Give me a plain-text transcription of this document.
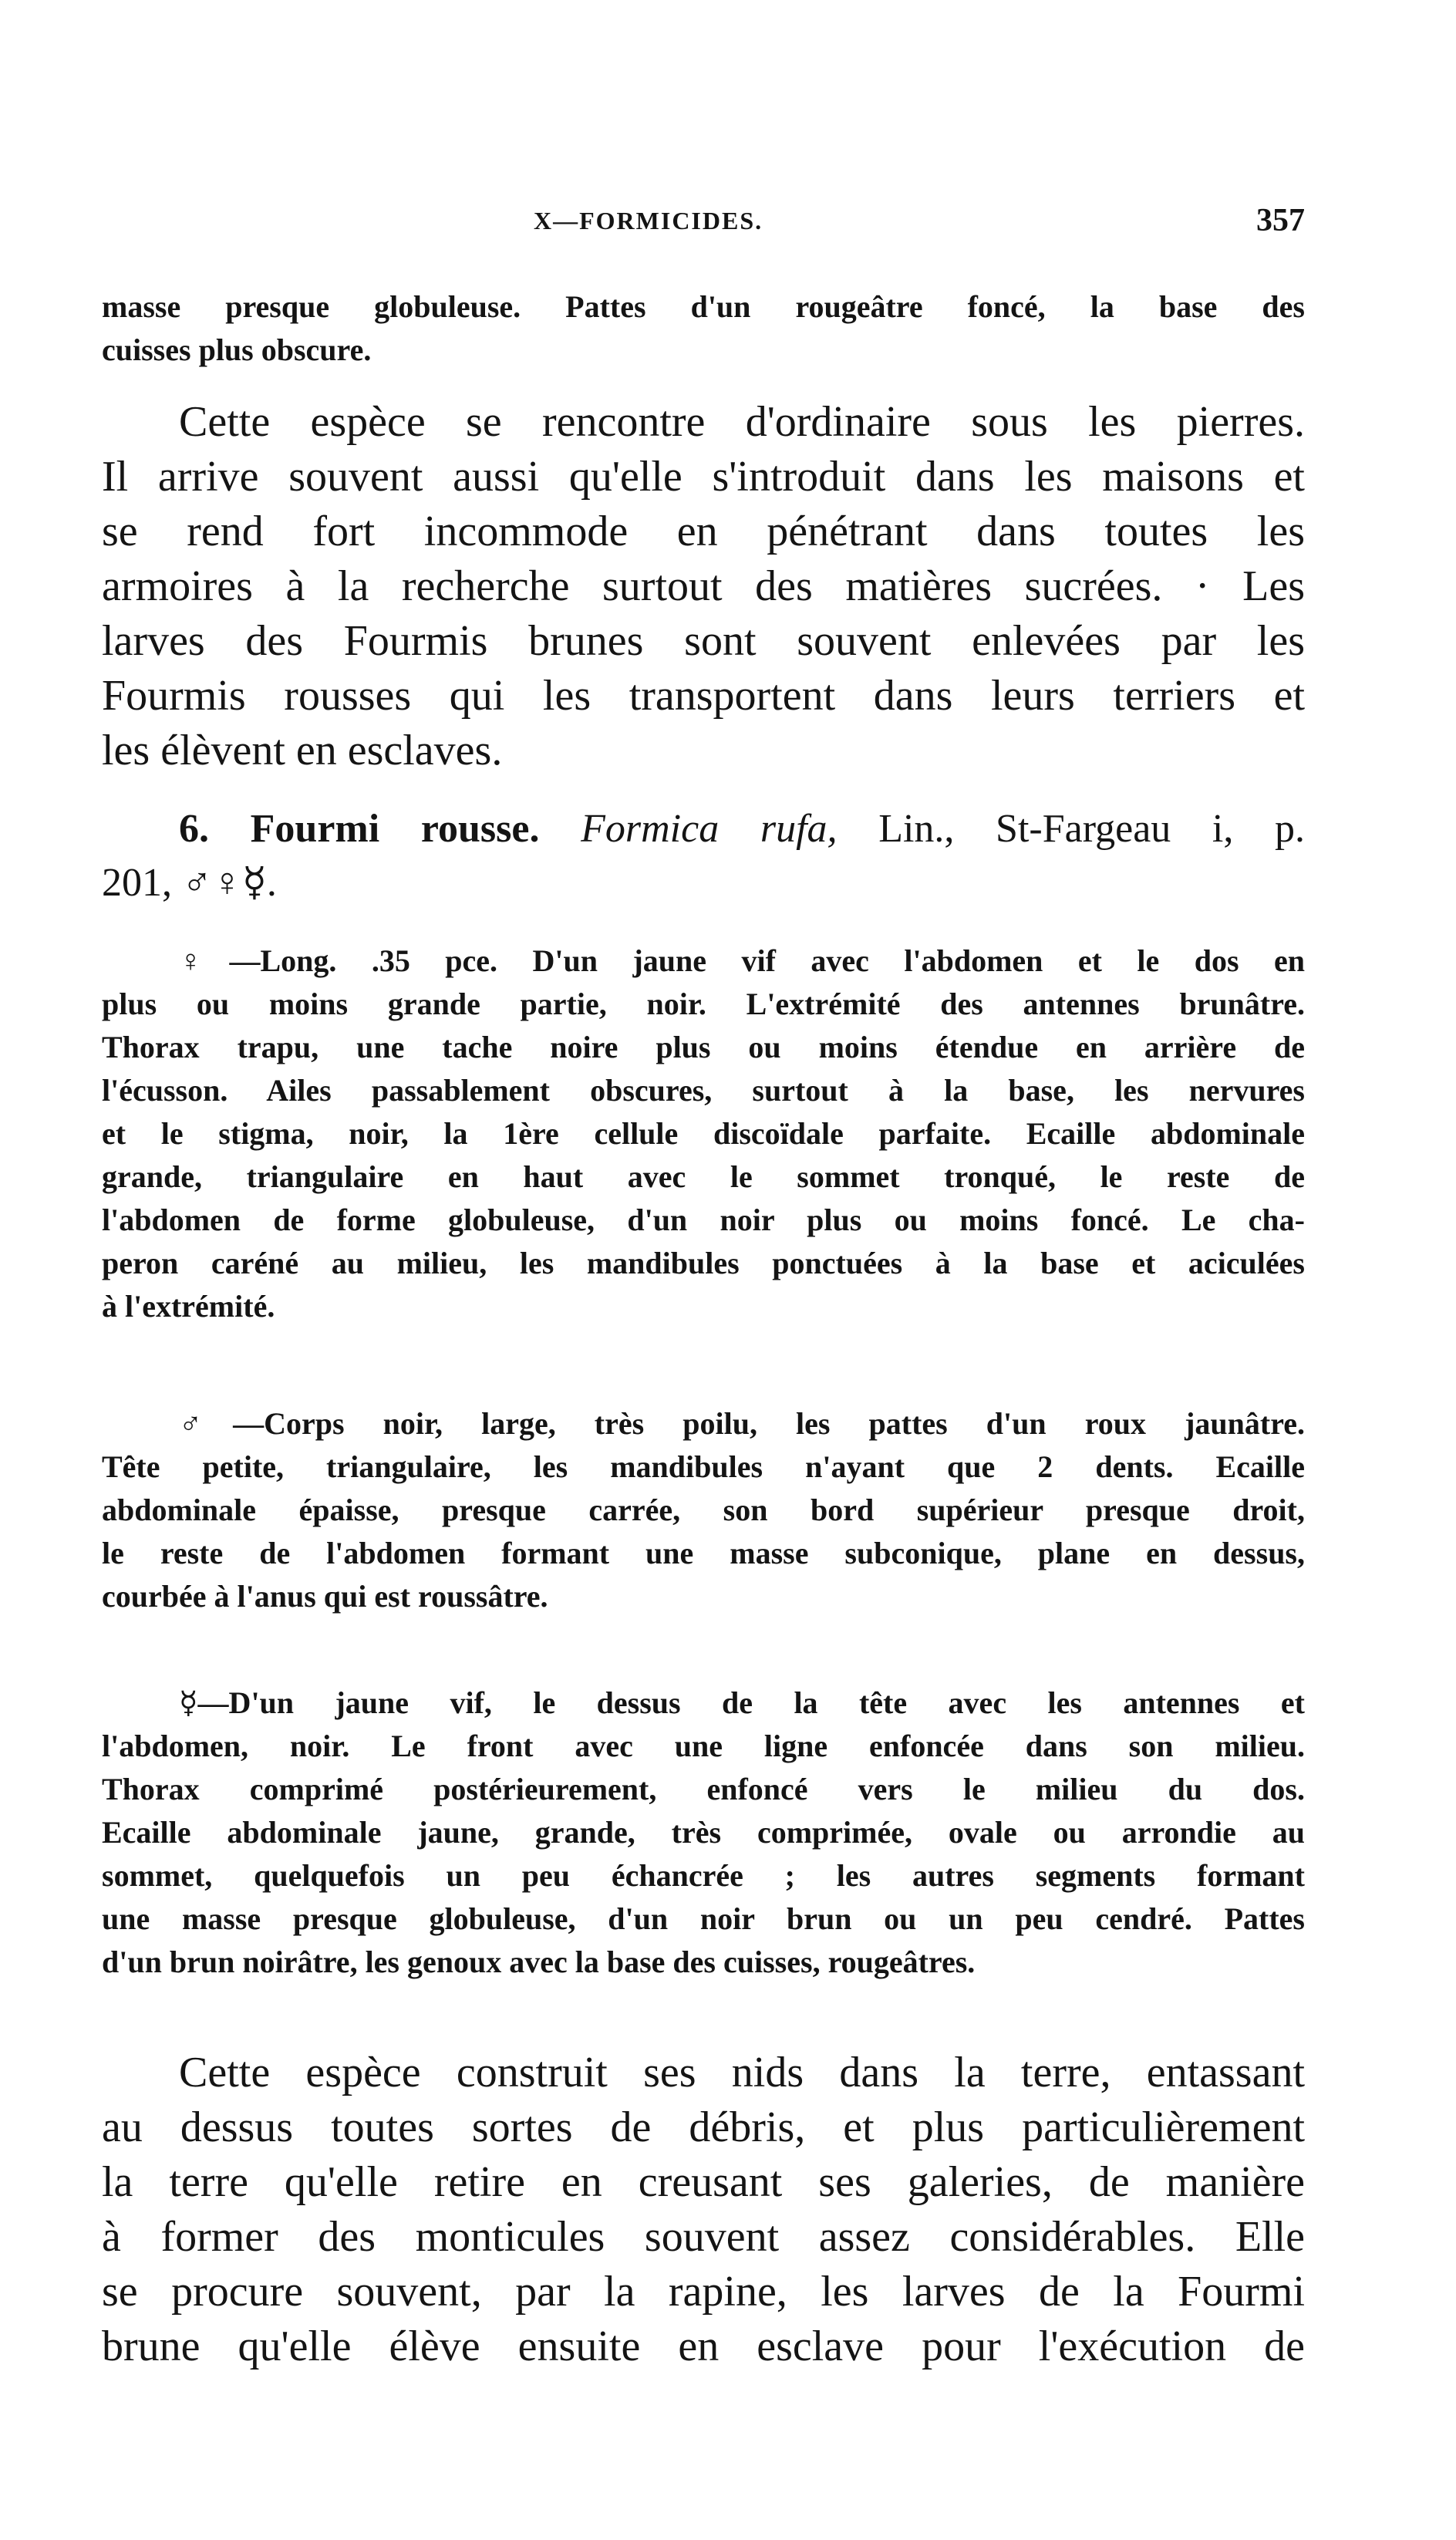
X—FORMICIDES.	357
masse presque globuleuse. Pattes d'un rougeâtre foncé, la base des
cuisses plus obscure.
Cette espèce se rencontre d'ordinaire sous les pierres.
Il arrive souvent aussi qu'elle s'introduit dans les maisons et
se rend fort incommode en pénétrant dans toutes les
armoires à la recherche surtout des matières sucrées. · Les
larves des Fourmis brunes sont souvent enlevées par les
Fourmis rousses qui les transportent dans leurs terriers et
les élèvent en esclaves.
6. Fourmi rousse. Formica rufa, Lin., St-Fargeau i, p.
201, ♂♀☿.
♀—Long. .35 pce. D'un jaune vif avec l'abdomen et le dos en
plus ou moins grande partie, noir. L'extrémité des antennes brunâtre.
Thorax trapu, une tache noire plus ou moins étendue en arrière de
l'écusson. Ailes passablement obscures, surtout à la base, les nervures
et le stigma, noir, la 1ère cellule discoïdale parfaite. Ecaille abdominale
grande, triangulaire en haut avec le sommet tronqué, le reste de
l'abdomen de forme globuleuse, d'un noir plus ou moins foncé. Le cha-
peron caréné au milieu, les mandibules ponctuées à la base et aciculées
à l'extrémité.
♂—Corps noir, large, très poilu, les pattes d'un roux jaunâtre.
Tête petite, triangulaire, les mandibules n'ayant que 2 dents. Ecaille
abdominale épaisse, presque carrée, son bord supérieur presque droit,
le reste de l'abdomen formant une masse subconique, plane en dessus,
courbée à l'anus qui est roussâtre.
☿—D'un jaune vif, le dessus de la tête avec les antennes et
l'abdomen, noir. Le front avec une ligne enfoncée dans son milieu.
Thorax comprimé postérieurement, enfoncé vers le milieu du dos.
Ecaille abdominale jaune, grande, très comprimée, ovale ou arrondie au
sommet, quelquefois un peu échancrée ; les autres segments formant
une masse presque globuleuse, d'un noir brun ou un peu cendré. Pattes
d'un brun noirâtre, les genoux avec la base des cuisses, rougeâtres.
Cette espèce construit ses nids dans la terre, entassant
au dessus toutes sortes de débris, et plus particulièrement
la terre qu'elle retire en creusant ses galeries, de manière
à former des monticules souvent assez considérables. Elle
se procure souvent, par la rapine, les larves de la Fourmi
brune qu'elle élève ensuite en esclave pour l'exécution de
